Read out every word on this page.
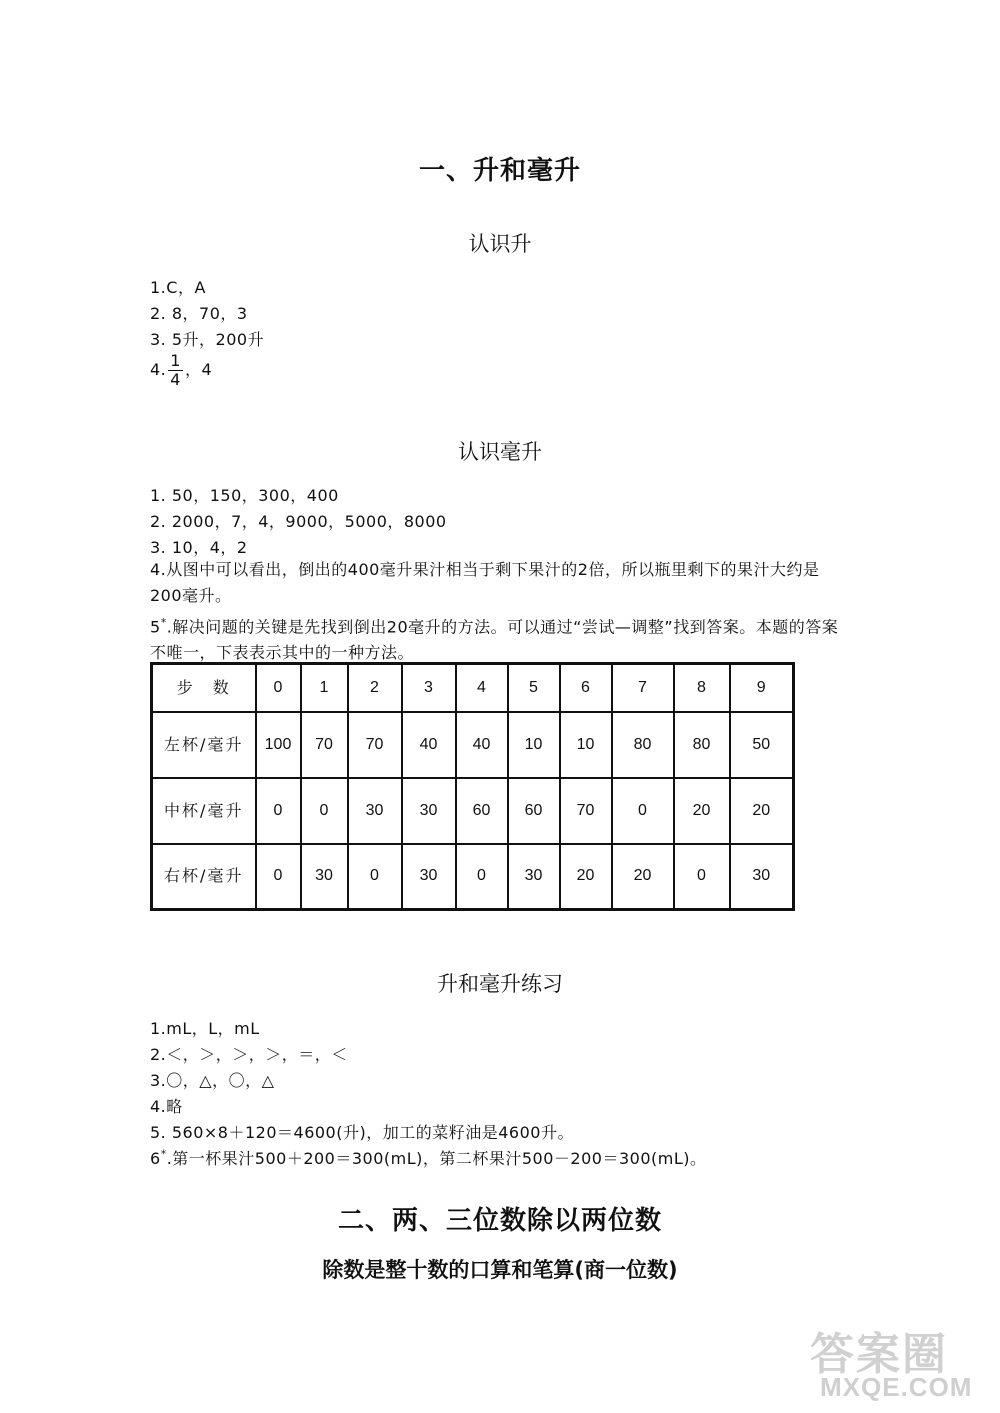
一、升和毫升
认识升
1.C，A
2. 8，70，3
3. 5升，200升
4. $\frac{1}{4}$ ，4
认识毫升
1. 50，150，300，400
2. 2000，7，4，9000，5000，8000
3. 10，4，2
4.从图中可以看出，倒出的400毫升果汁相当于剩下果汁的2倍，所以瓶里剩下的果汁大约是200毫升。
5*.解决问题的关键是先找到倒出20毫升的方法。可以通过“尝试—调整”找到答案。本题的答案不唯一，下表表示其中的一种方法。
步　数	0	1	2	3	4	5	6	7	8	9
左杯/毫升	100	70	70	40	40	10	10	80	80	50
中杯/毫升	0	0	30	30	60	60	70	0	20	20
右杯/毫升	0	30	0	30	0	30	20	20	0	30
升和毫升练习
1.mL，L，mL
2.＜，＞，＞，＞，＝，＜
3.〇，△，〇，△
4.略
5. 560×8＋120＝4600(升)，加工的菜籽油是4600升。
6*.第一杯果汁500＋200＝300(mL)，第二杯果汁500－200＝300(mL)。
二、两、三位数除以两位数
除数是整十数的口算和笔算(商一位数)
答案圈
MXQE.COM
